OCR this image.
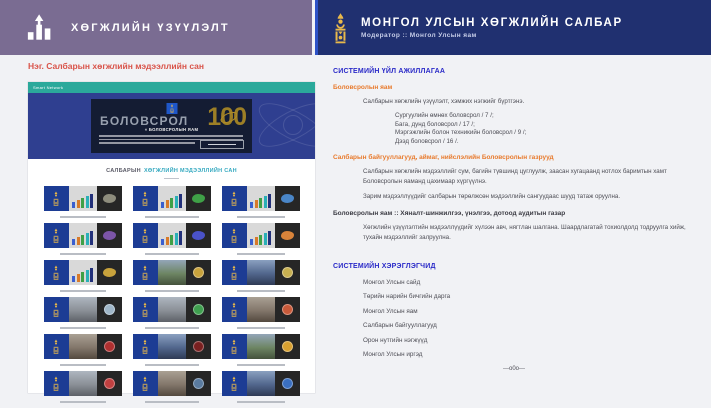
ХӨГЖЛИЙН ҮЗҮҮЛЭЛТ	МОНГОЛ УЛСЫН ХӨГЖЛИЙН САЛБАР
Модератор :: Монгол Улсын яам
Нэг. Салбарын хөгжлийн мэдээллийн сан
Smart Network
БОЛОВСРОЛ 100
« БОЛОВСРОЛЫН ЯАМ
САЛБАРЫН ХӨГЖЛИЙН МЭДЭЭЛЛИЙН САН
СИСТЕМИЙН ҮЙЛ АЖИЛЛАГАА
Боловсролын яам
Салбарын хөгжлийн үзүүлэлт, хэмжих нэгжийг бүртгэнэ.
Сургуулийн өмнөх боловсрол / 7 /;
Бага, дунд боловсрол / 17 /;
Мэргэжлийн болон техникийн боловсрол / 9 /;
Дээд боловсрол / 16 /.
Салбарын байгууллагууд, аймаг, нийслэлийн Боловсролын газрууд
Салбарын хөгжлийн мэдээллийг сум, багийн түвшинд цуглуулж, заасан хугацаанд нотлох баримтын хамт Боловсролын яаманд цахимаар хүргүүлнэ.
Зарим мэдээллүүдийг салбарын төрөлжсөн мэдээллийн сангуудаас шууд татаж оруулна.
Боловсролын яам :: Хяналт-шинжилгээ, үнэлгээ, дотоод аудитын газар
Хөгжлийн үзүүлэлтийн мэдээллүүдийг хүлээн авч, нягтлан шалгана. Шаардлагатай тохиолдолд тодруулга хийж, тухайн мэдээллийг залруулна.
СИСТЕМИЙН ХЭРЭГЛЭГЧИД
Монгол Улсын сайд
Төрийн нарийн бичгийн дарга
Монгол Улсын яам
Салбарын байгууллагууд
Орон нутгийн нэгжүүд
Монгол Улсын иргэд
---о0о---
